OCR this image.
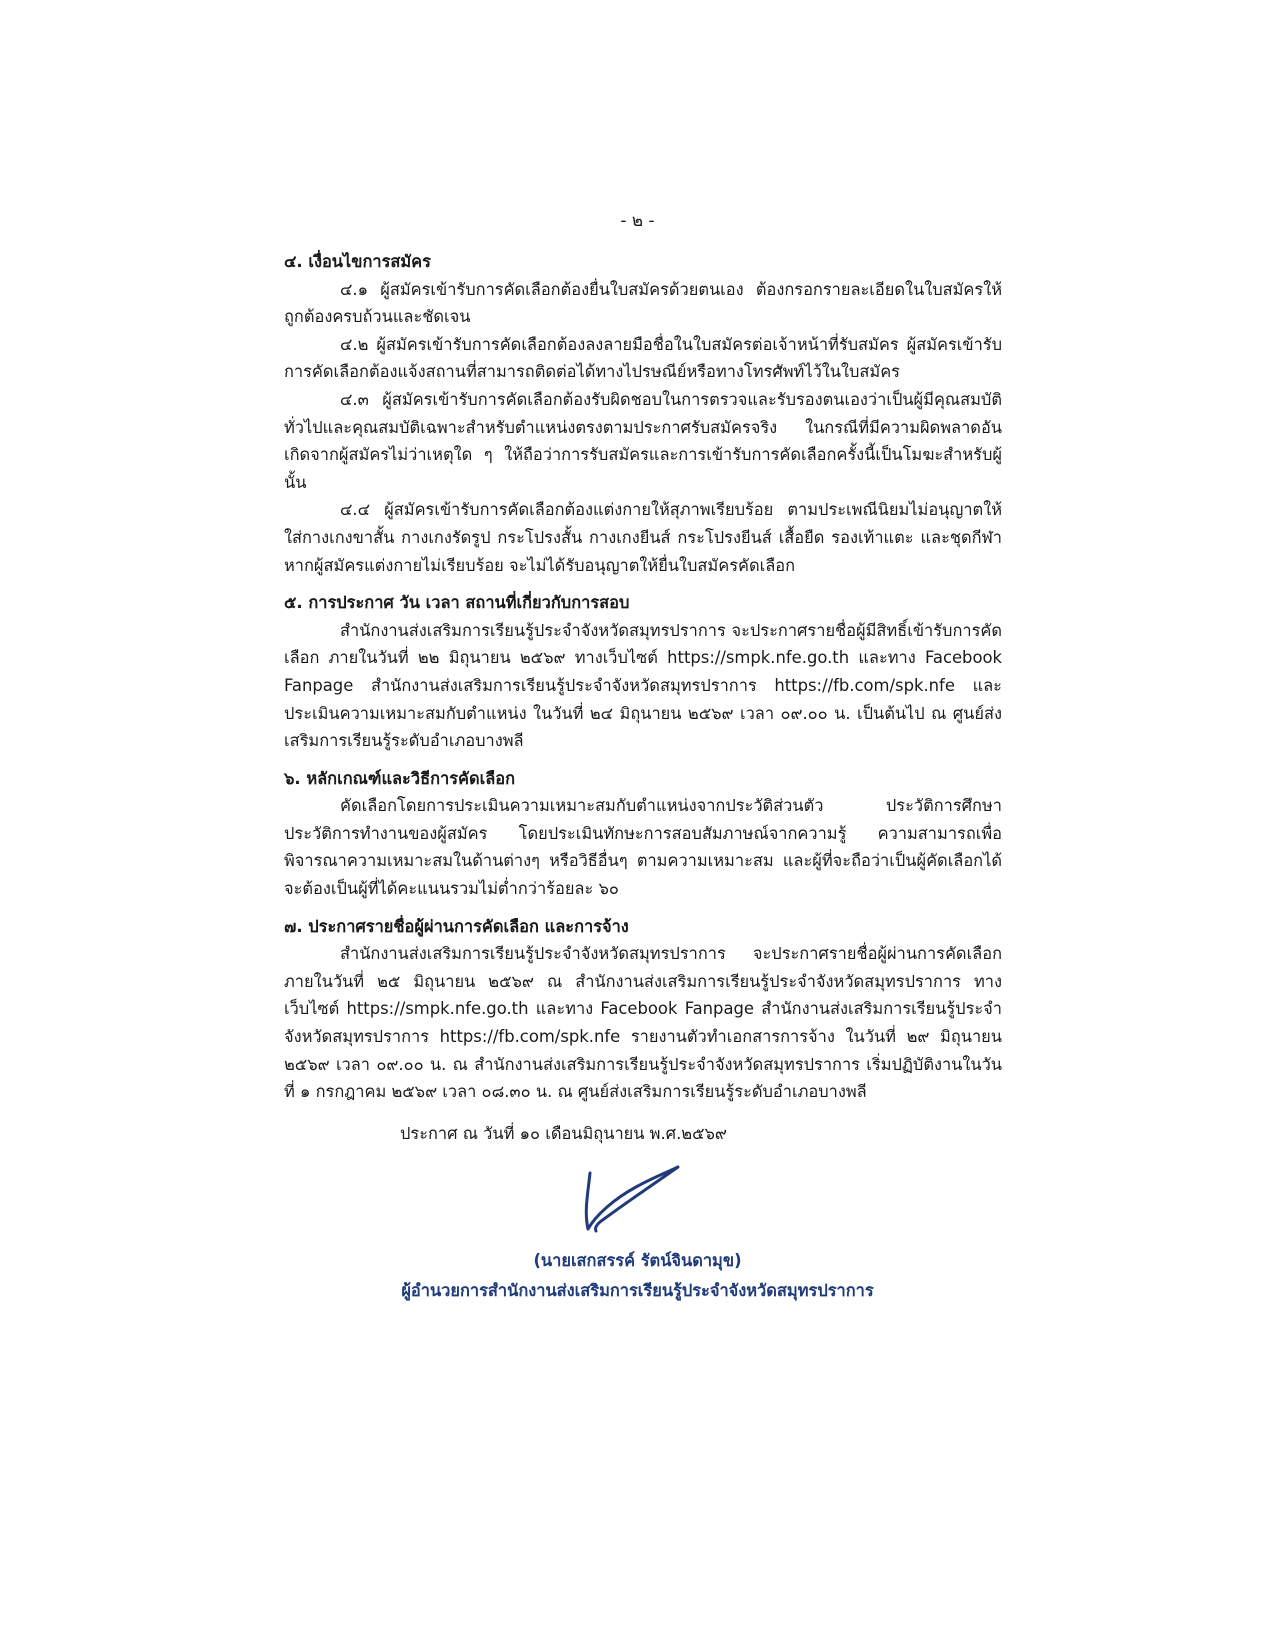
- ๒ -

๔. เงื่อนไขการสมัคร

๔.๑ ผู้สมัครเข้ารับการคัดเลือกต้องยื่นใบสมัครด้วยตนเอง ต้องกรอกรายละเอียดในใบสมัครให้ถูกต้องครบถ้วนและชัดเจน

๔.๒ ผู้สมัครเข้ารับการคัดเลือกต้องลงลายมือชื่อในใบสมัครต่อเจ้าหน้าที่รับสมัคร ผู้สมัครเข้ารับการคัดเลือกต้องแจ้งสถานที่สามารถติดต่อได้ทางไปรษณีย์หรือทางโทรศัพท์ไว้ในใบสมัคร

๔.๓ ผู้สมัครเข้ารับการคัดเลือกต้องรับผิดชอบในการตรวจและรับรองตนเองว่าเป็นผู้มีคุณสมบัติทั่วไปและคุณสมบัติเฉพาะสำหรับตำแหน่งตรงตามประกาศรับสมัครจริง ในกรณีที่มีความผิดพลาดอันเกิดจากผู้สมัครไม่ว่าเหตุใด ๆ ให้ถือว่าการรับสมัครและการเข้ารับการคัดเลือกครั้งนี้เป็นโมฆะสำหรับผู้นั้น

๔.๔ ผู้สมัครเข้ารับการคัดเลือกต้องแต่งกายให้สุภาพเรียบร้อย ตามประเพณีนิยมไม่อนุญาตให้ใส่กางเกงขาสั้น กางเกงรัดรูป กระโปรงสั้น กางเกงยีนส์ กระโปรงยีนส์ เสื้อยืด รองเท้าแตะ และชุดกีฬา หากผู้สมัครแต่งกายไม่เรียบร้อย จะไม่ได้รับอนุญาตให้ยื่นใบสมัครคัดเลือก

๕. การประกาศ วัน เวลา สถานที่เกี่ยวกับการสอบ

สำนักงานส่งเสริมการเรียนรู้ประจำจังหวัดสมุทรปราการ จะประกาศรายชื่อผู้มีสิทธิ์เข้ารับการคัดเลือก ภายในวันที่ ๒๒ มิถุนายน ๒๕๖๙ ทางเว็บไซต์ https://smpk.nfe.go.th และทาง Facebook Fanpage สำนักงานส่งเสริมการเรียนรู้ประจำจังหวัดสมุทรปราการ https://fb.com/spk.nfe และประเมินความเหมาะสมกับตำแหน่ง ในวันที่ ๒๔ มิถุนายน ๒๕๖๙ เวลา ๐๙.๐๐ น. เป็นต้นไป ณ ศูนย์ส่งเสริมการเรียนรู้ระดับอำเภอบางพลี

๖. หลักเกณฑ์และวิธีการคัดเลือก

คัดเลือกโดยการประเมินความเหมาะสมกับตำแหน่งจากประวัติส่วนตัว ประวัติการศึกษา ประวัติการทำงานของผู้สมัคร โดยประเมินทักษะการสอบสัมภาษณ์จากความรู้ ความสามารถเพื่อพิจารณาความเหมาะสมในด้านต่างๆ หรือวิธีอื่นๆ ตามความเหมาะสม และผู้ที่จะถือว่าเป็นผู้คัดเลือกได้จะต้องเป็นผู้ที่ได้คะแนนรวมไม่ต่ำกว่าร้อยละ ๖๐

๗. ประกาศรายชื่อผู้ผ่านการคัดเลือก และการจ้าง

สำนักงานส่งเสริมการเรียนรู้ประจำจังหวัดสมุทรปราการ จะประกาศรายชื่อผู้ผ่านการคัดเลือก ภายในวันที่ ๒๕ มิถุนายน ๒๕๖๙ ณ สำนักงานส่งเสริมการเรียนรู้ประจำจังหวัดสมุทรปราการ ทางเว็บไซต์ https://smpk.nfe.go.th และทาง Facebook Fanpage สำนักงานส่งเสริมการเรียนรู้ประจำจังหวัดสมุทรปราการ https://fb.com/spk.nfe รายงานตัวทำเอกสารการจ้าง ในวันที่ ๒๙ มิถุนายน ๒๕๖๙ เวลา ๐๙.๐๐ น. ณ สำนักงานส่งเสริมการเรียนรู้ประจำจังหวัดสมุทรปราการ เริ่มปฏิบัติงานในวันที่ ๑ กรกฎาคม ๒๕๖๙ เวลา ๐๘.๓๐ น. ณ ศูนย์ส่งเสริมการเรียนรู้ระดับอำเภอบางพลี

ประกาศ ณ วันที่ ๑๐ เดือนมิถุนายน พ.ศ.๒๕๖๙
(นายเสกสรรค์ รัตน์จินดามุข)
ผู้อำนวยการสำนักงานส่งเสริมการเรียนรู้ประจำจังหวัดสมุทรปราการ
